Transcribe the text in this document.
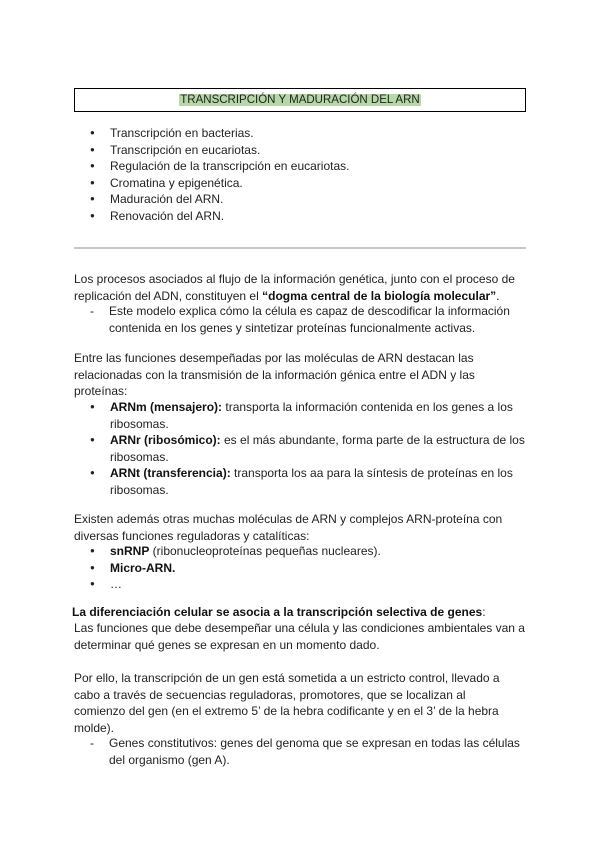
TRANSCRIPCIÓN Y MADURACIÓN DEL ARN
● Transcripción en bacterias.
● Transcripción en eucariotas.
● Regulación de la transcripción en eucariotas.
● Cromatina y epigenética.
● Maduración del ARN.
● Renovación del ARN.

Los procesos asociados al flujo de la información genética, junto con el proceso de replicación del ADN, constituyen el “dogma central de la biología molecular”.

- Este modelo explica cómo la célula es capaz de descodificar la información contenida en los genes y sintetizar proteínas funcionalmente activas.

Entre las funciones desempeñadas por las moléculas de ARN destacan las relacionadas con la transmisión de la información génica entre el ADN y las proteínas:

● ARNm (mensajero): transporta la información contenida en los genes a los ribosomas.
● ARNr (ribosómico): es el más abundante, forma parte de la estructura de los ribosomas.
● ARNt (transferencia): transporta los aa para la síntesis de proteínas en los ribosomas.

Existen además otras muchas moléculas de ARN y complejos ARN-proteína con diversas funciones reguladoras y catalíticas:

● snRNP (ribonucleoproteínas pequeñas nucleares).
● Micro-ARN.
● …

La diferenciación celular se asocia a la transcripción selectiva de genes:

Las funciones que debe desempeñar una célula y las condiciones ambientales van a determinar qué genes se expresan en un momento dado.

Por ello, la transcripción de un gen está sometida a un estricto control, llevado a cabo a través de secuencias reguladoras, promotores, que se localizan al comienzo del gen (en el extremo 5’ de la hebra codificante y en el 3’ de la hebra molde).

- Genes constitutivos: genes del genoma que se expresan en todas las células del organismo (gen A).
